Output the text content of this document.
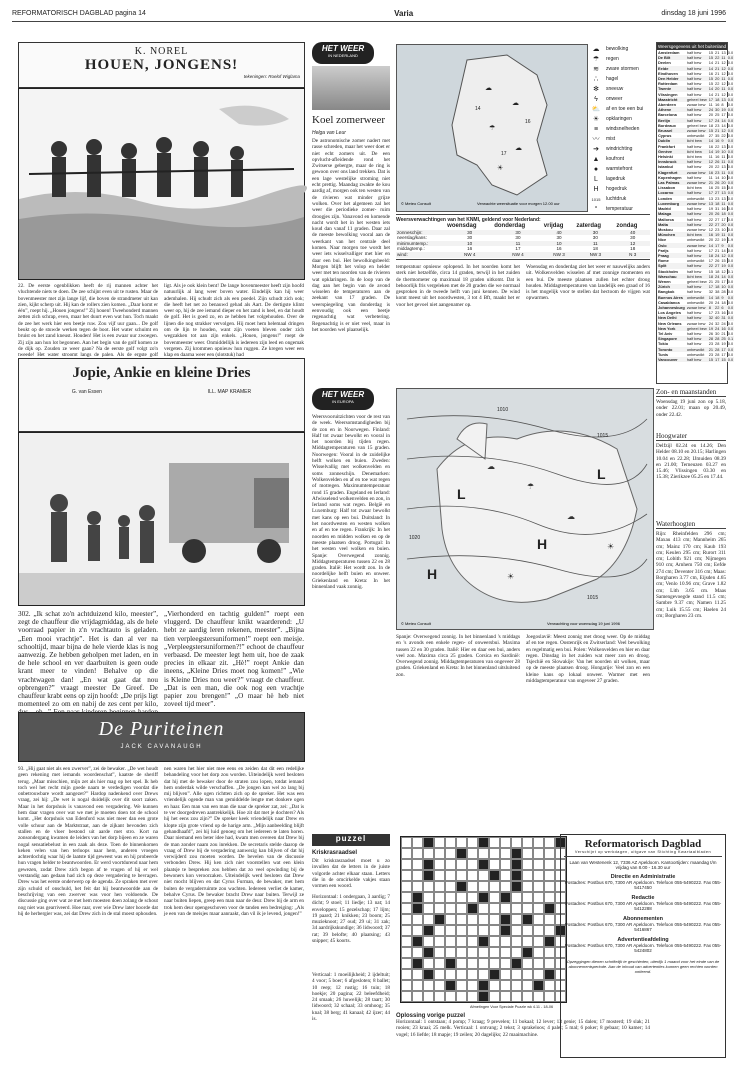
REFORMATORISCH DAGBLAD pagina 14	Varia	dinsdag 18 juni 1996
K. NOREL
HOUEN, JONGENS!
tekeningen: Roelof Wiglama
22. De eerste ogenblikken heeft de rij mannen achter het vluchtende niets te doen. De zee schijnt even uit te rusten. Maar de bovenmeester met zijn lange lijf, die boven de strandmeter uit kan zien, kijkt scherp uit. Hij kan de rollers zien komen. „Daar komt er één”, roept hij. „Houen jongens!” Zij houen! Tweehonderd mannen zetten zich schrap, even, maar het duurt even wat hun. Toch maakt de zee het werk hier een beetje ruw. Zou vijf uur gaan... De golf beukt op de stuwde werken tegen de boot. Het water schuimt en bruist en het zand kneust. Houden! Het is een zwaar uur zwoegen. Zij zijn aan hun lot begonnen. Aan het begin van de golf komen ze de dijk op. Zouden ze weer gaan? Na de eerste golf volgt zo'n tweede! Het water stroomt langs de palen. Als de ergste golf
ligt. Als je ook klein bent! De lange bovenmeester heeft zijn hoofd natuurlijk al lang weer boven water. Eindelijk kan hij weer ademhalen. Hij schudt zich als een poedel. Zijn schudt zich ook; die heeft het net zo benauwd gehad als Aart. De dertigste klimt weer op, hij de zee iemand dieper en het zand is heel, en dat houdt de golf. Het is goed zo, en ze hebben het volgehouden. Over de lijnen die nog strakker vervolgen. Hij moet hem helemaal dringen om de lijn te houden, want zijn voeten bleven onder zich wegzakken tot aan zijn enkels. „Houen, jongens!” roept de bovenmeester weer. Onmiddellijk is iedereen zijn leed en ongemak vergeten. Zij krommen opnieuw hun ruggen. Ze kregen weer een klap en daarna weer een (slotstuk) had
Jopie, Ankie en kleine Dries
G. van Essen	ILL. MAP KRAMER
302. „Ik schat zo'n achtduizend kilo, meester”, zegt de chauffeur die vrijdagmiddag, als de hele voorraad papier in z'n vrachtauto is geladen. „Een mooi vrachtje”. Het is dan al ver na schooltijd, maar bijna de hele vierde klas is nog aanwezig. Ze hebben geholpen met laden, en in de hele school en ver daarbuiten is geen oude krant meer te vinden! Behalve op die vrachtwagen dan! „En wat gaat dat nou opbrengen?” vraagt meester De Greef. De chauffeur krabt eens op zijn hoofd: „De prijs ligt momenteel zo om en nabij de zes cent per kilo,
„Vierhonderd en tachtig gulden!” roept een vluggerd. De chauffeur knikt waarderend: „U hebt ze aardig leren rekenen, meester”. „Bijna tien verpleegstersuniformen!” roept een meisje. „Verpleegstersuniformen?!” echoot de chauffeur verbaasd. De meester legt hem uit, hoe de zaak precies in elkaar zit. „Hè!” roept Ankie dan ineens, „Kleine Dries moet nog komen!” „Wie is Kleine Dries nou weer?” vraagt de chauffeur. „Dat is een man, die ook nog een vrachtje papier zou brengen!” „O maar hè heb niet zoveel tijd meer”.
De Puriteinen
JACK CAVANAUGH
93. „Hij gaat niet als een zwerver”, zei de bewaker. „De wet houdt geen rekening met iemands woordenschat”, kaatste de sheriff terug. „Maar misschien, mijn zet als hier mag op het spel. Ik heb toch wel het recht mijn goede naam te verdedigen voordat die onbetrouwbare wordt aangezet?” Hardop nadenkend over Drews vraag, zei hij: „De wet is nogal duidelijk over dit soort zaken. Maar in het dorpshuis is vanavond een vergadering. We kunnen hem daar vragen over wat we met je moeten doen tot de school komt. „Het dorpshuis van Edenford was niet meer dan een grote volle schuur aan de Marktstraat, aan de zijkant bevonden zich stallen en de vloer bestond uit aarde met stro. Kort na zonsondergang kwamen de leiders van het dorp bijeen en ze waren nogal sensatiebelust in een zaak als deze. Toen de binnenkomen keken velen van hen terloops naar hem, anderen vroegen achterdochtig waar hij de laatste tijd geweest was en hij probeerde hun vragen helder te beantwoorden. Er werd voortdurend naar hem gewezen, zodat Drew zich begon af te vragen of hij er wel verstandig aan gedaan had zich op deze vergadering te bevragen. Drew was het eerste onderwerp op de agenda. Ze spraken met over zijn schuld of onschuld, het feit dat hij beantwoordde aan de beschrijving van een zwerver was voor hen voldoende. De discussie ging over wat ze met hem moesten doen zolang de schout nog niet was gearriveerd. Hoe raar, over wie Drew later hoorde dat hij de herbergier was, zei dat Drew zich in de stal moest ophouden.
nen waren het hier niet mee eens en zeiden dat dit een redelijke behandeling voor het dorp zou worden. Uiteindelijk werd besloten dat hij met de bewaker door de straten zou lopen, totdat iemand hem onderdak wilde verschaffen. „De jongen kan wel zo lang bij mij blijven”. Alle ogen richtten zich op de spreker. Het was een vriendelijk ogende man van gemiddelde lengte met donkere ogen en haar. Een man van een man die naar de spreker zat, zei: „Dat is te ver doorgedreven aantrekkelijk. Hoe zit dat met je dochters? Als hij het eens zou zijn?” De spreker keek vriendelijk naar Drew en klopte zijn grote vriend op de harige arm. „Mijn aanbeelding blijft gehandhaafd”, zei hij luid genoeg om het iedereen te laten horen. Daar niemand een beter idee had, kwam men overeen dat Drew bij de man zonder naam zou inrekken. De secretaris stelde daarop de vraag of Drew bij de vergadering aanwezig kan blijven of dat hij verwijderd zou moeten worden. De bevelen van de discussie verbonden Drew. Hij ken zich niet voorstellen wat een klein plaatsje te bespreken zou hebben dat zo veel opwinding bij de bewoners kon veroorzaken. Uiteindelijk werd besloten dat Drew niet mocht blijven en dat Cyrus Furman, de bewaker, met hem buiten de vergaderruimte zou wachten. Iedereen verliet de kamer, behalve Cyrus. De bewaker bracht Drew naar buiten. Terwijl ze naar buiten liepen, greep een man naar de deur. Drew bij de arm en trok hem deur opengeschoven voor de tanden een bedreiging: „Als je een van de meisjes maar aanraakt, dan vil ik je levend, jongen!”
HET WEER
IN NEDERLAND
Koel zomerweer
Helga van Leur
De astronomische zomer nadert met rasse schreden, maar het weer doet er niet echt zomers uit. De een opvlucht-afleidende rond het Zwitserse gebergte, maar de ring is gewoon over ons land trekken. Dat is een lage westelijke stroming niet echt prettig. Maandag zwakte de kou aardig af, morgen ook ten westen van de rivieren wat minder grijze wolken. Over het algemeen zal het weer die periodieke zomer- ruim droogjes zijn. Vanavond en komende nacht wordt het in het westen iets koud dan vanaf 11 graden. Daar zal de meeste bewolking vooral aan de weerkant van het centrale deel komen. Naar morgen toe wordt het weer iets wisselvalliger met hier en daar een bui. Het bewolkingsbeeld: Morgen blijft het volop en helder weer met ten noorden van de rivieren wat opklaringen. In de loop van de dag aan het begin van de avond wisselen de temperaturen aan de zeekant van 17 graden. De weerspiegeling van donderdag is eenvoudig ook een beetje regenachtig wat verbetering. Regenachtig is er niet veel, maar in het noorden wel plaatselijk.
☁
☁
☂
☁
☀
14
16
17
© Meteo Consult	Verwachte weersituatie voor morgen 12.00 uur
☁	bewolking
☂	regen
≋	zware stormen
∴	hagel
✻	sneeuw
ϟ	onweer
⛅	af en toe een bui
☀	opklaringen
≡	windsnelheden
〰	mist
➔	windrichting
▲	koufront
●	warmtefront
L	lagedruk
H	hogedruk
1015	luchtdruk
°	temperatuur
Weersverwachtingen van het KNMI, geldend voor Nederland:
	woensdag	donderdag	vrijdag	zaterdag	zondag
zonneschijn:	30	30	40	30	40
neerslag/kans:	30	30	30	30	30
minimumtemp.:	10	11	10	11	12
middagtemp.:	16	17	16	18	18
wind:	NW 4	NW 4	NW 3	NW 3	N 3
temperatuur opnieuw oplopend. In het noorden komt het sterk niet hetzelfde, circa 14 graden, terwijl in het zuiden de thermometer op maximaal 18 graden uitkomt. Dat is behoorlijk fris vergeleken met de 20 graden die we normaal gesproken in de tweede helft van juni kennen. De wind komt meest uit het noordwesten, 3 tot 4 Bft, maakt het er voor het gevoel niet aangenamer op.
Woensdag en donderdag ziet het weer er nauwelijks anders uit. Wolkenvelden wisselen af met zonnige momenten en een bui. De meeste plaatsen zullen het echter droog houden. Middagtemperaturen van landelijk een graad of 16 is het mogelijk voor te stellen dat hectoom de vijgen wat opwarmen.
Weersgegevens uit het buitenland
Amsterdam	half bew	15	21	13	0.0
De Bilt	half bew	15	22	11	0.0
Deelen	half bew	14	21	12	0.0
Eelde	half bew	14	21	12	0.0
Eindhoven	half bew	16	21	12	0.0
Den Helder	half bew	15	20	11	0.0
Rotterdam	half bew	15	22	12	0.0
Twente	half bew	14	20	11	0.0
Vlissingen	half bew	14	21	12	0.0
Maastricht	geheel bew	17	18	13	0.0
Aberdeen	zwaar bew	11	16	8	0.0
Athene	half bew	24	30	19	0.0
Barcelona	half bew	20	25	17	0.0
Berlijn	half bew	17	24	14	0.0
Bordeaux	geheel bew	18	23	14	0.0
Brussel	zwaar bew	15	21	12	0.0
Cyprus	onbewolkt	27	35	22	0.0
Dublin	licht bew	14	16	9	0.0
Frankfurt	half bew	16	22	13	0.0
Genève	licht bew	14	19	10	0.0
Helsinki	licht bew	11	16	11	0.0
Innsbruck	half bew	12	26	11	0.0
Istanbul	half bew	20	22	13	0.0
Klagenfurt	zwaar bew	16	23	11	0.0
Kopenhagen	half bew	11	14	10	0.0
Las Palmas	zwaar bew	21	26	20	0.0
Lissabon	licht bew	16	25	15	0.0
Locarno	half bew	17	27	13	0.0
Londen	onbewolkt	13	23	13	0.0
Luxemburg	zwaar bew	13	18	11	0.0
Madrid	half bew	19	31	16	0.0
Malaga	half bew	20	26	18	0.0
Mallorca	half bew	22	27	17	0.0
Malta	half bew	22	27	20	0.0
Moskou	zwaar bew	12	23	10	0.0
München	licht bew	16	19	11	0.0
Nice	onbewolkt	20	22	19	1.9
Oslo	zwaar bew	14	17	9	0.0
Parijs	half bew	17	21	14	0.0
Praag	half bew	18	24	12	0.0
Rome	onbewolkt	17	26	15	0.0
Split	half bew	22	27	19	0.0
Stockholm	half bew	15	18	12	0.1
Warschau	licht bew	18	24	14	0.0
Wenen	geheel bew	21	25	17	0.0
Zürich	half bew	17	18	10	0.0
Bangkok	half bew	32	38	28	0.0
Buenos Aires	onbewolkt	14	18	9	0.0
Casablanca	onbewolkt	20	24	18	0.0
Johannesburg	zwaar bew	8	22	6	0.0
Los Angeles	half bew	17	23	16	0.0
New Delhi	half bew	32	40	31	0.0
New Orleans	zwaar bew	24	32	24	0.0
New York	geheel bew	19	24	16	0.0
Tel Aviv	half bew	26	30	21	0.0
Singapore	half bew	28	28	25	0.1
Tokio	half bew	23	28	19	0.0
Toronto	onbewolkt	21	28	17	0.0
Tunis	onbewolkt	23	28	17	0.0
Vancouver	half bew	15	17	15	0.0
HET WEER
IN EUROPA
Weersvooruitzichten voor de rest van de week. Weersomstandigheden bij de zon en in Noorwegen. Finland: Half tot zwaar bewolkt en vooral in het noorden bij tijden regen. Middagtemperaturen van 15 graden. Noorwegen: Vooral in de zuidelijke helft wolken en buien. Zweden: Wisselvallig met wolkenvelden en soms zonneschijn. Denemarken: Wolkenvelden en af en toe wat regen of motregen. Maximumtemperatuur rond 15 graden. Engeland en Ierland: Afwisselend wolkenvelden en zon, in Ierland soms wat regen. België en Luxemburg: Half tot zwaar bewolkt met kans op een bui. Duitsland: In het noordwesten en westen wolken en af en toe regen. Frankrijk: In het noorden en midden wolken en op de meeste plaatsen droog. Portugal: In het westen veel wolken en buien. Spanje: Overwegend zonnig. Middagtemperaturen tussen 22 en 28 graden. Italië: Het wordt zon. In de noordelijke helft buien en onweer. Griekenland en Kreta: In het binnenland vaak zonnig.
L
H
L
H
1010
1015
1020
1015
☁
☂
☁
☀
☀
© Meteo Consult	Verwachting voor woensdag 19 juni 1996
Spanje: Overwegend zonnig. In het binnenland 's middags en 's avonds een enkele regen- of onweersbui. Maxima tussen 22 en 30 graden. Italië: Hier en daar een bui, anders veel zon. Maxima circa 25 graden. Corsica en Sardinië: Overwegend zonnig. Middagtemperaturen van ongeveer 28 graden. Griekenland en Kreta: In het binnenland uitsluitend zon.
Joegoslavië: Meest zonnig met droog weer. Op de middag af en toe regen. Oostenrijk en Zwitserland: Veel bewolking en regelmatig een bui. Polen: Wolkenvelden en hier en daar regen. Dinsdag in het zuiden wat meer zon en droog. Tsjechië en Slowakije: Van het noorden uit wolken, maar op de meeste plaatsen droog. Hongarije: Veel zon en een kleine kans op lokaal onweer. Warmer met een middagtemperatuur van ongeveer 27 graden.
Zon- en maanstanden
Woensdag 19 juni zon op 5.18, onder 22.01; maan op 20.49, onder 22.42.
Hoogwater
Delfzijl 02.24 en 14.26; Den Helder 08.10 en 20.15; Harlingen 10.04 en 22.28; IJmuiden 08.39 en 21.00; Terneuzen 03.27 en 15.46; Vlissingen 03.30 en 15.38; Zierikzee 05.25 en 17.44.
Waterhoogten
Rijn: Rheinfelden 296 cm; Maxau 413 cm; Mannheim 265 cm; Mainz 170 cm; Kaub 193 cm; Keulen 295 cm; Rurort 311 cm; Lobith 921 cm; Nijmegen 910 cm; Arnhem 750 cm; Eefde 274 cm; Deventer 316 cm; Maas: Borgharen 3.77 cm, Eijsden 4.65 cm; Venlo 10.96 cm; Grave 1.82 cm; Lith 3.65 cm. Maas Samengevoegde stand 11.5 cm; Sambre 9.37 cm; Namen 11.25 cm; Luik 15.55 cm; Haelen 24 cm; Borgharen 23 cm.
puzzel
Kriskrasraadsel
Dit kriskrasraadsel moet u zo invullen dat de letters in de juiste volgorde achter elkaar staan. Letters die in de omcirkelde vakjes staan vormen een woord.
Horizontaal: 1 ondergaan, 3 aardig; 7 dicht; 9 stoel; 11 liedje; 13 nat; 14 enveloppen; 15 gezelschap; 17 lijm; 19 paard; 21 knikken; 23 boom; 25 muzieknoot; 27 oud; 29 ui; 31 zak; 34 aardrijkskundige; 36 lidwoord; 37 rat; 39 belofte; 40 plaatsing; 43 snipper; 45 koorts.
Verticaal: 1 moeilijkheid; 2 ijdeltuit; 4 voor; 5 boer; 6 afgesloten; 8 ballet; 10 reep; 12 rustig; 16 tuin; 18 hoekje; 20 pagina; 22 beleefdheid; 24 smaak; 26 huwelijk; 28 taart; 30 lidwoord; 32 schaal; 33 omhoog; 35 knal; 38 berg; 41 kanaal; 42 ijzer; 44 is.
Afmetingen Voor Speciale Puzzle wk 4.11 - 18-06
Oplossing vorige puzzel
Horizontaal: 1 ontstaan; 4 pomp; 7 kraag; 9 prevelen; 11 bokaal; 12 lever; 13 genie; 15 dalen; 17 mosterd; 19 slak; 21 rooien; 23 kraai; 25 melk. Verticaal: 1 ontvang; 2 tekst; 3 sprakeloos; 4 palet; 5 mal; 6 poker; 8 gebaar; 10 kamer; 14 vogel; 16 liefde; 18 mapje; 19 zeilen; 20 dagelijks; 22 maaimachine.
Reformatorisch Dagblad
Verschijnt op werkdagen, uitgave van Stichting Kwartaalbladen
Laan van Westenenk 12, 7336 AZ Apeldoorn. Kantoortijden: maandag t/m vrijdag van 8.00 - 16.30 uur
Directie en Administratie
Postadres: Postbus 670, 7300 AR Apeldoorn. Telefoon 055-5490222. Fax 055-5417450
Redactie
Postadres: Postbus 670, 7300 AR Apeldoorn. Telefoon 055-5490222. Fax 055-5412288
Abonnementen
Postadres: Postbus 670, 7300 AR Apeldoorn. Telefoon 055-5490222. Fax 055-5416867
Advertentieafdeling
Postadres: Postbus 670, 7300 AR Apeldoorn. Telefoon 055-5490222. Fax 055-5424802
Opzeggingen dienen schriftelijk te geschieden, uiterlijk 1 maand voor het einde van de abonnementsperiode. Aan de inhoud van advertenties kunnen geen rechten worden ontleend.
